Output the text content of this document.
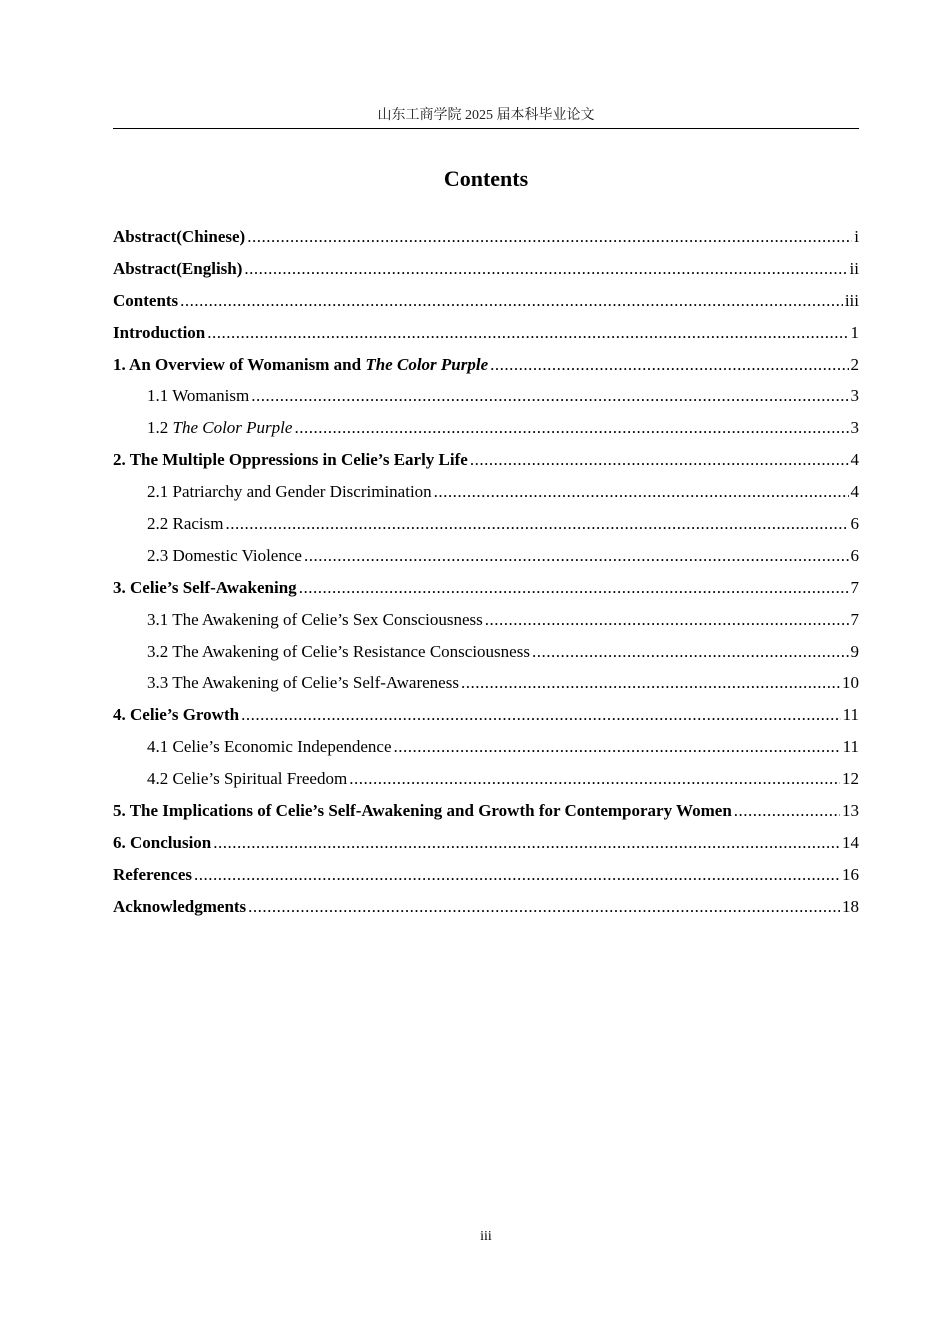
山东工商学院 2025 届本科毕业论文
Contents
Abstract(Chinese) .....	i
Abstract(English) .....	ii
Contents .....	iii
Introduction .....	1
1. An Overview of Womanism and The Color Purple .....	2
1.1 Womanism .....	3
1.2 The Color Purple .....	3
2. The Multiple Oppressions in Celie’s Early Life .....	4
2.1 Patriarchy and Gender Discrimination .....	4
2.2 Racism .....	6
2.3 Domestic Violence .....	6
3. Celie’s Self-Awakening .....	7
3.1 The Awakening of Celie’s Sex Consciousness .....	7
3.2 The Awakening of Celie’s Resistance Consciousness .....	9
3.3 The Awakening of Celie’s Self-Awareness .....	10
4. Celie’s Growth .....	11
4.1 Celie’s Economic Independence .....	11
4.2 Celie’s Spiritual Freedom .....	12
5. The Implications of Celie’s Self-Awakening and Growth for Contemporary Women .....	13
6. Conclusion .....	14
References .....	16
Acknowledgments .....	18
iii
